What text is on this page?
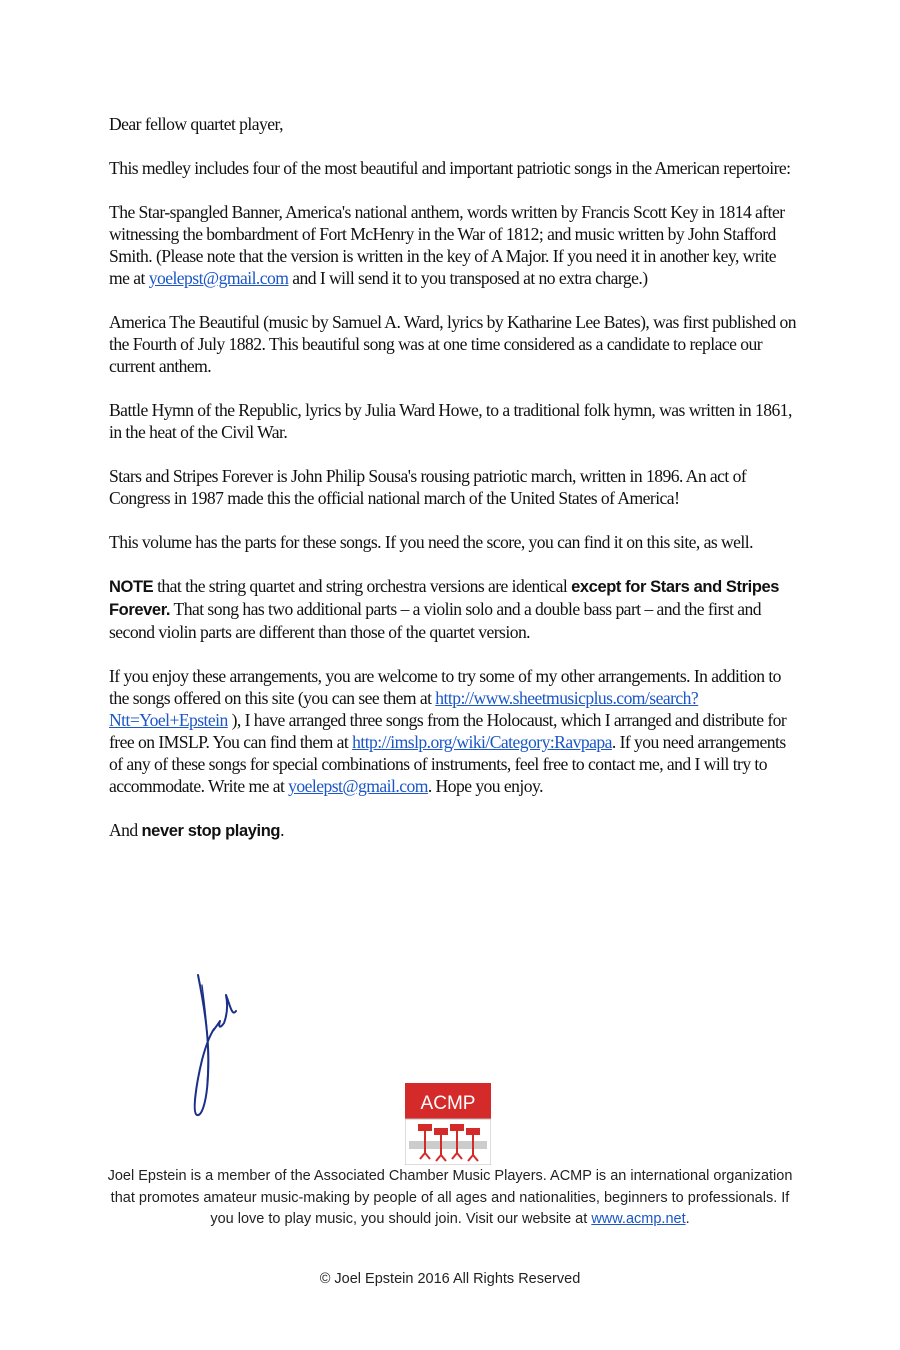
Dear fellow quartet player,

This medley includes four of the most beautiful and important patriotic songs in the American repertoire:

The Star-spangled Banner, America's national anthem, words written by Francis Scott Key in 1814 after witnessing the bombardment of Fort McHenry in the War of 1812; and music written by John Stafford Smith. (Please note that the version is written in the key of A Major. If you need it in another key, write me at yoelepst@gmail.com and I will send it to you transposed at no extra charge.)

America The Beautiful (music by Samuel A. Ward, lyrics by Katharine Lee Bates), was first published on the Fourth of July 1882. This beautiful song was at one time considered as a candidate to replace our current anthem.

Battle Hymn of the Republic, lyrics by Julia Ward Howe, to a traditional folk hymn, was written in 1861, in the heat of the Civil War.

Stars and Stripes Forever is John Philip Sousa's rousing patriotic march, written in 1896. An act of Congress in 1987 made this the official national march of the United States of America!

This volume has the parts for these songs. If you need the score, you can find it on this site, as well.

NOTE that the string quartet and string orchestra versions are identical except for Stars and Stripes Forever. That song has two additional parts – a violin solo and a double bass part – and the first and second violin parts are different than those of the quartet version.

If you enjoy these arrangements, you are welcome to try some of my other arrangements. In addition to the songs offered on this site (you can see them at http://www.sheetmusicplus.com/search?Ntt=Yoel+Epstein ), I have arranged three songs from the Holocaust, which I arranged and distribute for free on IMSLP. You can find them at http://imslp.org/wiki/Category:Ravpapa. If you need arrangements of any of these songs for special combinations of instruments, feel free to contact me, and I will try to accommodate. Write me at yoelepst@gmail.com. Hope you enjoy.

And never stop playing.

ACMP
Joel Epstein is a member of the Associated Chamber Music Players. ACMP is an international organization that promotes amateur music-making by people of all ages and nationalities, beginners to professionals. If you love to play music, you should join. Visit our website at www.acmp.net.
© Joel Epstein 2016 All Rights Reserved
